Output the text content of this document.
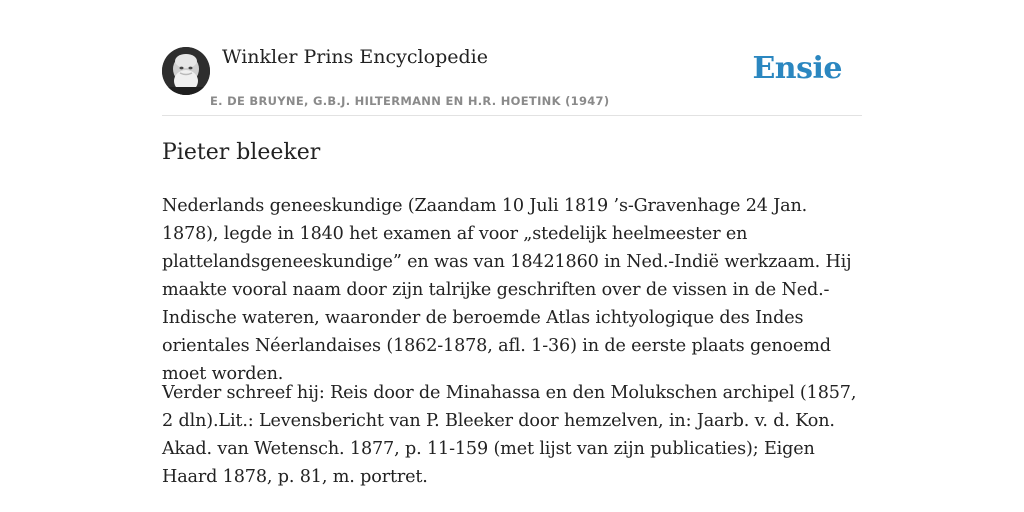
Winkler Prins Encyclopedie
E. DE BRUYNE, G.B.J. HILTERMANN EN H.R. HOETINK (1947)
Ensie
Pieter bleeker

Nederlands geneeskundige (Zaandam 10 Juli 1819 ’s-Gravenhage 24 Jan. 1878), legde in 1840 het examen af voor „stedelijk heelmeester en plattelandsgeneeskundige” en was van 18421860 in Ned.-Indië werkzaam. Hij maakte vooral naam door zijn talrijke geschriften over de vissen in de Ned.-Indische wateren, waaronder de beroemde Atlas ichtyologique des Indes orientales Néerlandaises (1862-1878, afl. 1-36) in de eerste plaats genoemd moet worden.

Verder schreef hij: Reis door de Minahassa en den Molukschen archipel (1857, 2 dln).Lit.: Levensbericht van P. Bleeker door hemzelven, in: Jaarb. v. d. Kon. Akad. van Wetensch. 1877, p. 11-159 (met lijst van zijn publicaties); Eigen Haard 1878, p. 81, m. portret.
